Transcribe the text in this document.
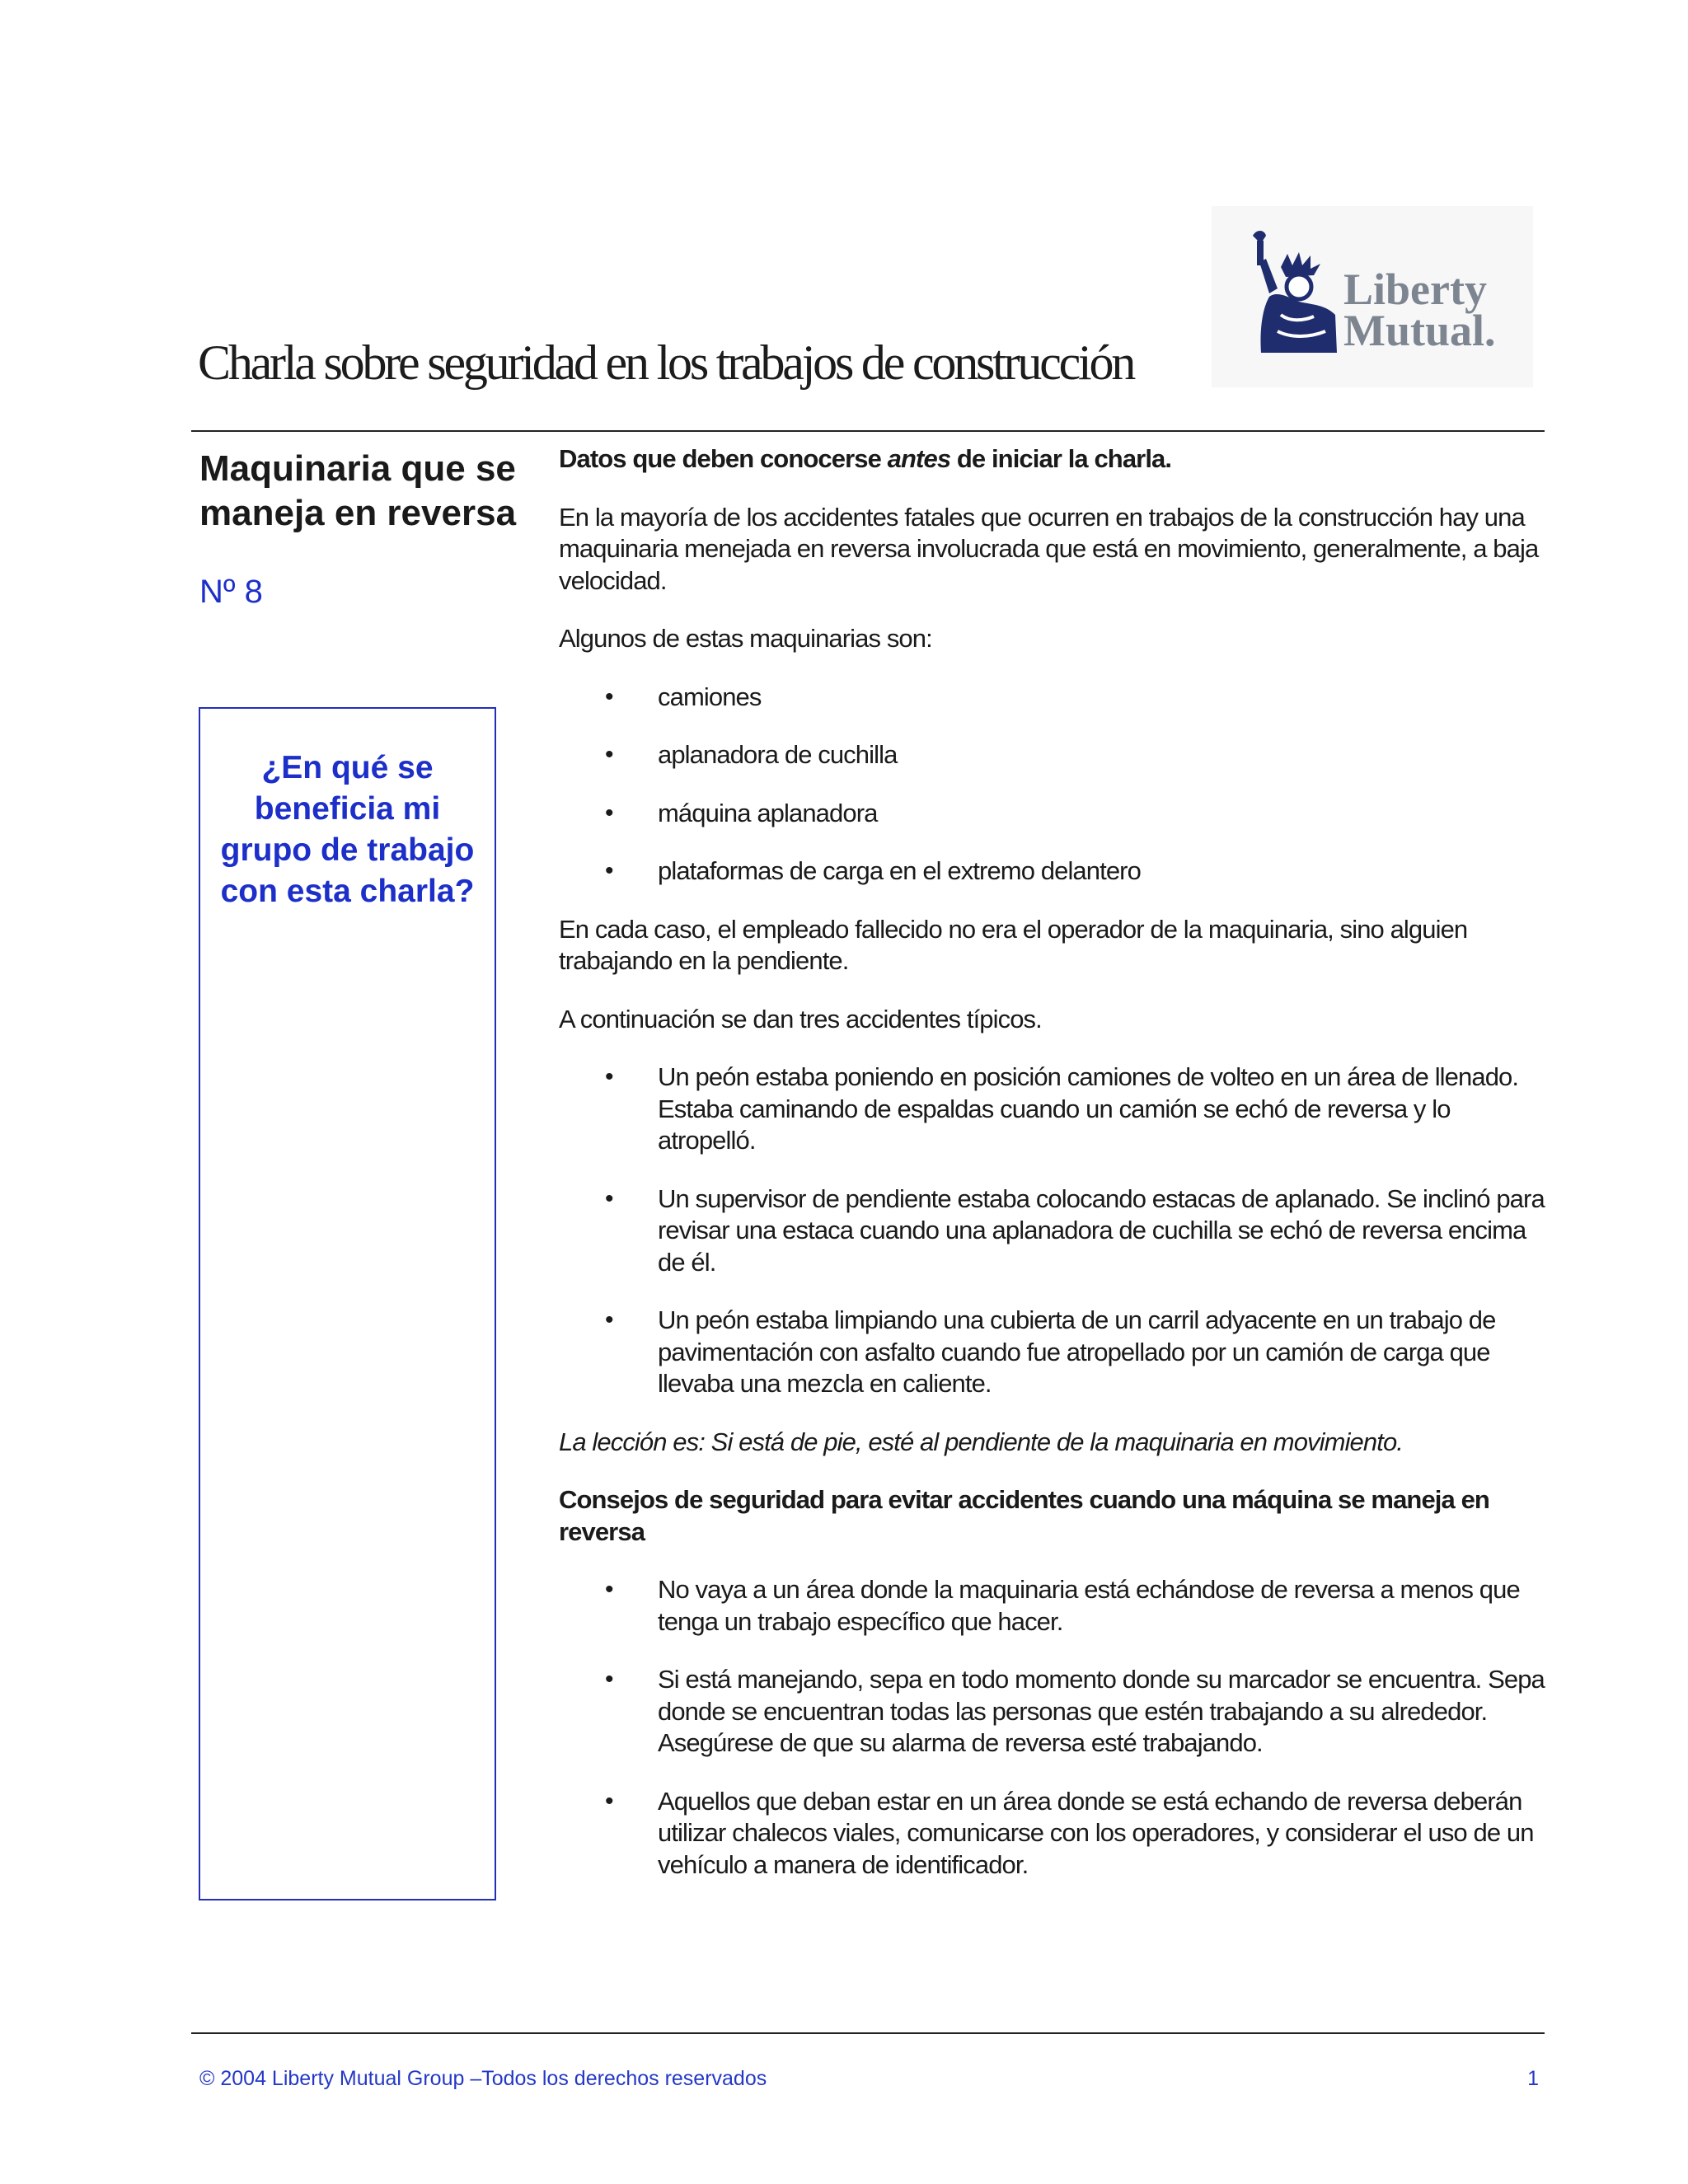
Liberty
Mutual.
Charla sobre seguridad en los trabajos de construcción
Maquinaria que se maneja en reversa
Nº 8

¿En qué se beneficia mi grupo de trabajo con esta charla?

Datos que deben conocerse antes de iniciar la charla.

En la mayoría de los accidentes fatales que ocurren en trabajos de la construcción hay una maquinaria menejada en reversa involucrada que está en movimiento, generalmente, a baja velocidad.

Algunos de estas maquinarias son:

• camiones
• aplanadora de cuchilla
• máquina aplanadora
• plataformas de carga en el extremo delantero

En cada caso, el empleado fallecido no era el operador de la maquinaria, sino alguien trabajando en la pendiente.

A continuación se dan tres accidentes típicos.

• Un peón estaba poniendo en posición camiones de volteo en un área de llenado. Estaba caminando de espaldas cuando un camión se echó de reversa y lo atropelló.
• Un supervisor de pendiente estaba colocando estacas de aplanado. Se inclinó para revisar una estaca cuando una aplanadora de cuchilla se echó de reversa encima de él.
• Un peón estaba limpiando una cubierta de un carril adyacente en un trabajo de pavimentación con asfalto cuando fue atropellado por un camión de carga que llevaba una mezcla en caliente.

La lección es: Si está de pie, esté al pendiente de la maquinaria en movimiento.

Consejos de seguridad para evitar accidentes cuando una máquina se maneja en reversa

• No vaya a un área donde la maquinaria está echándose de reversa a menos que tenga un trabajo específico que hacer.
• Si está manejando, sepa en todo momento donde su marcador se encuentra. Sepa donde se encuentran todas las personas que estén trabajando a su alrededor. Asegúrese de que su alarma de reversa esté trabajando.
• Aquellos que deban estar en un área donde se está echando de reversa deberán utilizar chalecos viales, comunicarse con los operadores, y considerar el uso de un vehículo a manera de identificador.
© 2004 Liberty Mutual Group –Todos los derechos reservados	1
